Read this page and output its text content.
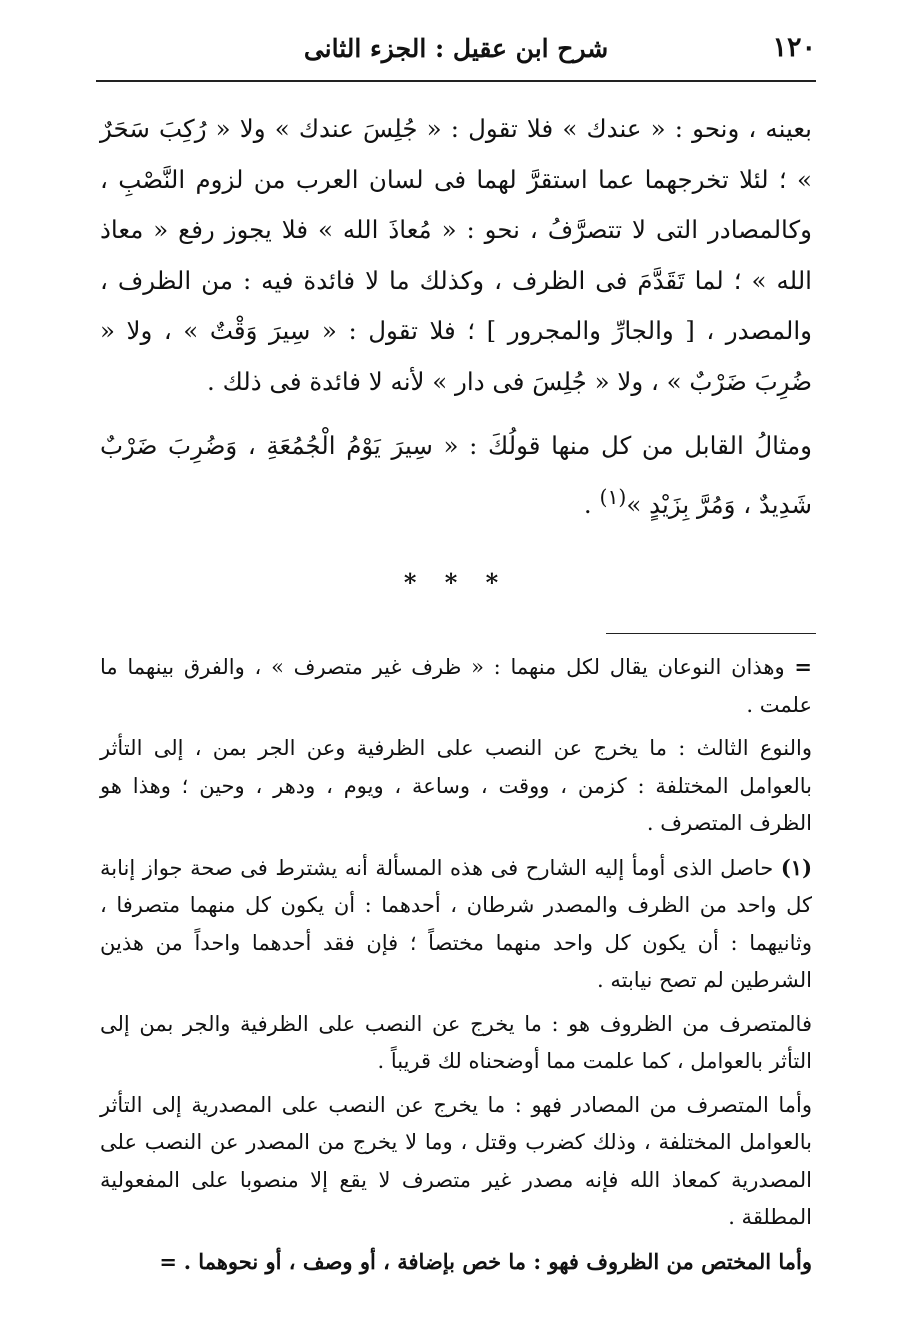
١٢٠
شرح ابن عقيل : الجزء الثانى

بعينه ، ونحو : « عندك » فلا تقول : « جُلِسَ عندك » ولا « رُكِبَ سَحَرٌ » ؛ لئلا تخرجهما عما استقرَّ لهما فى لسان العرب من لزوم النَّصْبِ ، وكالمصادر التى لا تتصرَّفُ ، نحو : « مُعاذَ الله » فلا يجوز رفع « معاذ الله » ؛ لما تَقَدَّمَ فى الظرف ، وكذلك ما لا فائدة فيه : من الظرف ، والمصدر ، [ والجارِّ والمجرور ] ؛ فلا تقول : « سِيرَ وَقْتٌ » ، ولا « ضُرِبَ ضَرْبٌ » ، ولا « جُلِسَ فى دار » لأنه لا فائدة فى ذلك .

ومثالُ القابل من كل منها قولُكَ : « سِيرَ يَوْمُ الْجُمُعَةِ ، وَضُرِبَ ضَرْبٌ شَدِيدٌ ، وَمُرَّ بِزَيْدٍ »$^{(١)}$ .

* * *

= وهذان النوعان يقال لكل منهما : « ظرف غير متصرف » ، والفرق بينهما ما علمت .

والنوع الثالث : ما يخرج عن النصب على الظرفية وعن الجر بمن ، إلى التأثر بالعوامل المختلفة : كزمن ، ووقت ، وساعة ، ويوم ، ودهر ، وحين ؛ وهذا هو الظرف المتصرف .

(١) حاصل الذى أومأ إليه الشارح فى هذه المسألة أنه يشترط فى صحة جواز إنابة كل واحد من الظرف والمصدر شرطان ، أحدهما : أن يكون كل منهما متصرفا ، وثانيهما : أن يكون كل واحد منهما مختصاً ؛ فإن فقد أحدهما واحداً من هذين الشرطين لم تصح نيابته .

فالمتصرف من الظروف هو : ما يخرج عن النصب على الظرفية والجر بمن إلى التأثر بالعوامل ، كما علمت مما أوضحناه لك قريباً .

وأما المتصرف من المصادر فهو : ما يخرج عن النصب على المصدرية إلى التأثر بالعوامل المختلفة ، وذلك كضرب وقتل ، وما لا يخرج من المصدر عن النصب على المصدرية كمعاذ الله فإنه مصدر غير متصرف لا يقع إلا منصوبا على المفعولية المطلقة .

وأما المختص من الظروف فهو : ما خص بإضافة ، أو وصف ، أو نحوهما . =
